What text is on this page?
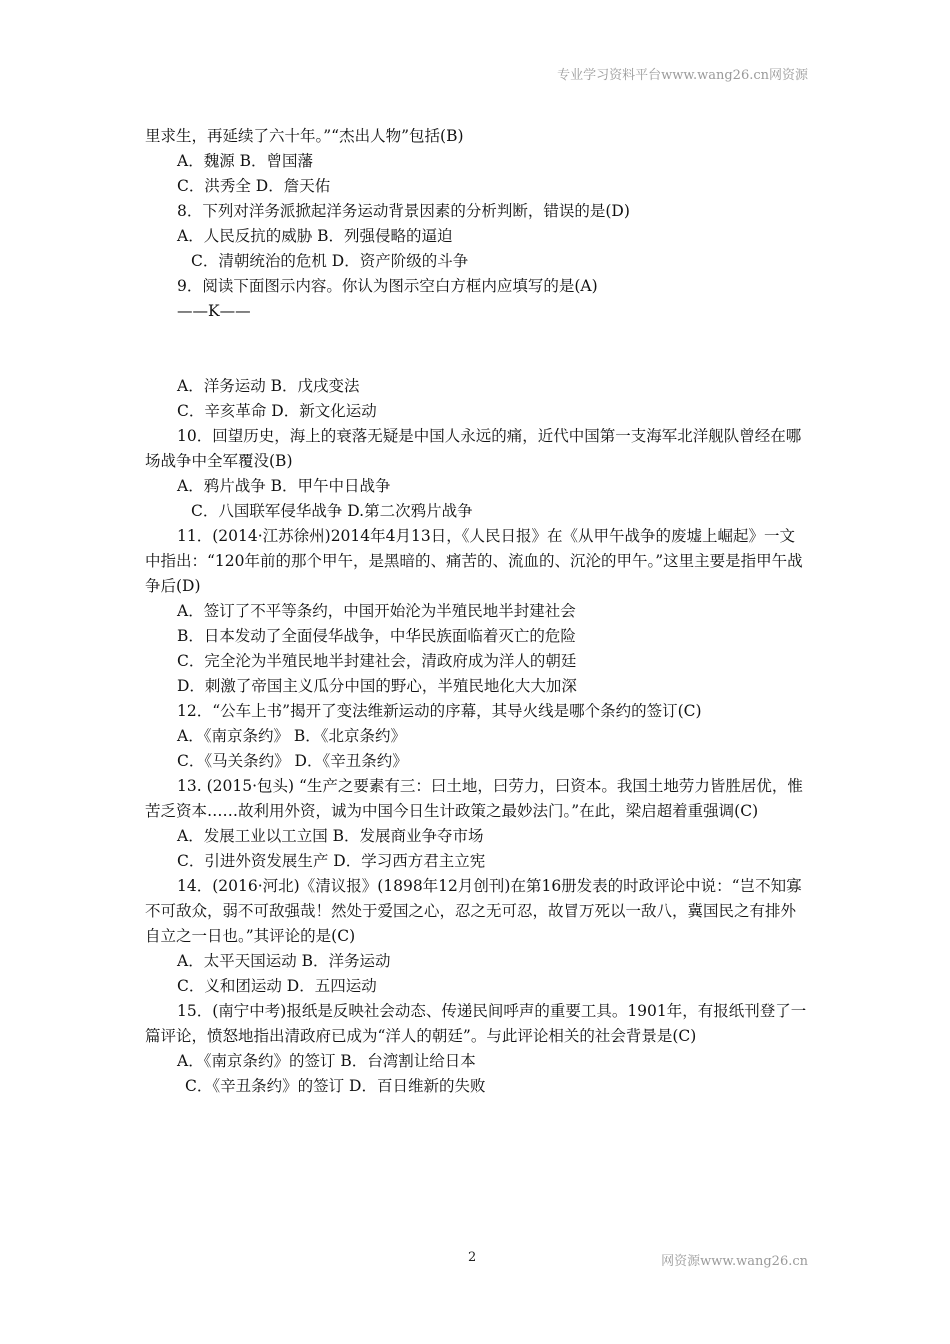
专业学习资料平台www.wang26.cn网资源
里求生，再延续了六十年。”“杰出人物”包括(B)
A．魏源 B．曾国藩
C．洪秀全 D．詹天佑
8．下列对洋务派掀起洋务运动背景因素的分析判断，错误的是(D)
A．人民反抗的威胁 B．列强侵略的逼迫
C．清朝统治的危机 D．资产阶级的斗争
9．阅读下面图示内容。你认为图示空白方框内应填写的是(A)
——K——
A．洋务运动 B．戊戌变法
C．辛亥革命 D．新文化运动
10．回望历史，海上的衰落无疑是中国人永远的痛，近代中国第一支海军北洋舰队曾经在哪场战争中全军覆没(B)
A．鸦片战争 B．甲午中日战争
C．八国联军侵华战争 D.第二次鸦片战争
11．(2014·江苏徐州)2014年4月13日，《人民日报》在《从甲午战争的废墟上崛起》一文中指出：“120年前的那个甲午，是黑暗的、痛苦的、流血的、沉沦的甲午。”这里主要是指甲午战争后(D)
A．签订了不平等条约，中国开始沦为半殖民地半封建社会
B．日本发动了全面侵华战争，中华民族面临着灭亡的危险
C．完全沦为半殖民地半封建社会，清政府成为洋人的朝廷
D．刺激了帝国主义瓜分中国的野心，半殖民地化大大加深
12．“公车上书”揭开了变法维新运动的序幕，其导火线是哪个条约的签订(C)
A．《南京条约》 B．《北京条约》
C．《马关条约》 D．《辛丑条约》
13. (2015·包头) “生产之要素有三：曰土地，曰劳力，曰资本。我国土地劳力皆胜居优，惟苦乏资本……故利用外资，诚为中国今日生计政策之最妙法门。”在此，梁启超着重强调(C)
A．发展工业以工立国 B．发展商业争夺市场
C．引进外资发展生产 D．学习西方君主立宪
14．(2016·河北)《清议报》(1898年12月创刊)在第16册发表的时政评论中说：“岂不知寡不可敌众，弱不可敌强哉！然处于爱国之心，忍之无可忍，故冒万死以一敌八，冀国民之有排外自立之一日也。”其评论的是(C)
A．太平天国运动 B．洋务运动
C．义和团运动 D．五四运动
15．(南宁中考)报纸是反映社会动态、传递民间呼声的重要工具。1901年，有报纸刊登了一篇评论，愤怒地指出清政府已成为“洋人的朝廷”。与此评论相关的社会背景是(C)
A．《南京条约》的签订 B．台湾割让给日本
C．《辛丑条约》的签订 D．百日维新的失败
2	网资源www.wang26.cn
